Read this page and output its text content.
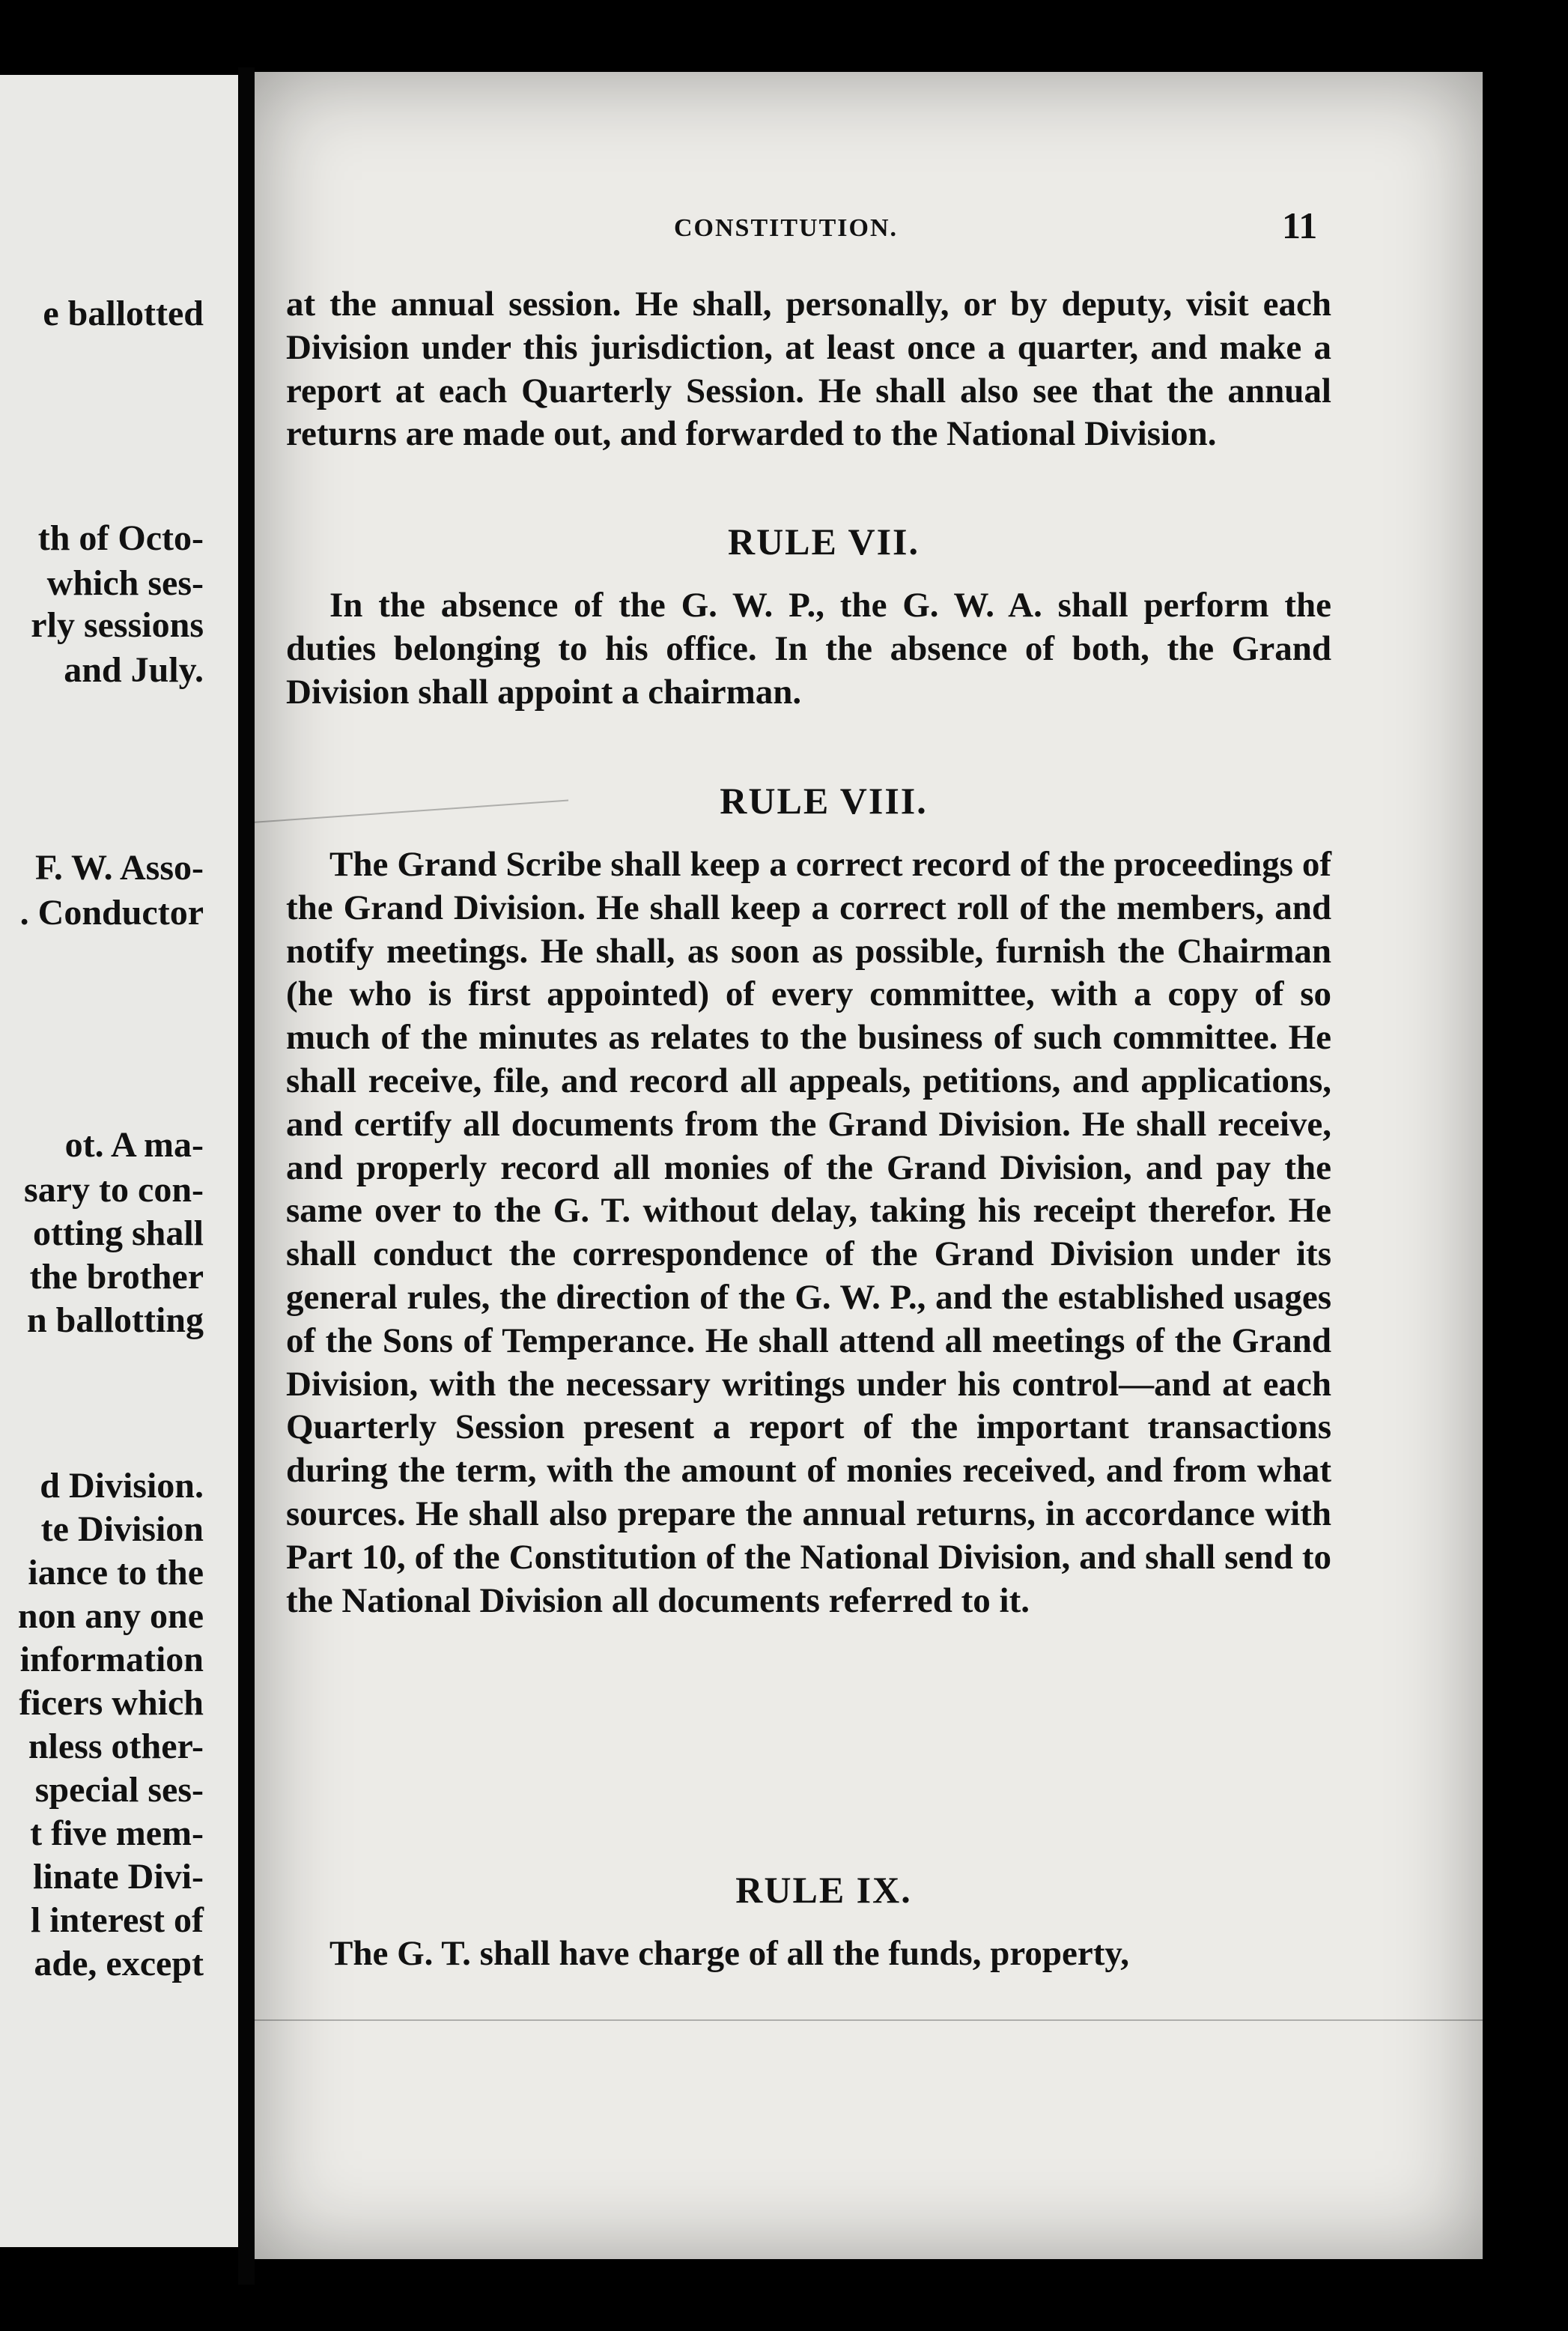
e ballotted
th of Octo-
which ses-
rly sessions
and July.
F. W. Asso-
. Conductor
ot. A ma-
sary to con-
otting shall
the brother
n ballotting
d Division.
te Division
iance to the
non any one
information
ficers which
nless other-
special ses-
t five mem-
linate Divi-
l interest of
ade, except
CONSTITUTION.	11

at the annual session. He shall, personally, or by deputy, visit each Division under this jurisdiction, at least once a quarter, and make a report at each Quarterly Session. He shall also see that the annual returns are made out, and forwarded to the National Division.

RULE VII.

In the absence of the G. W. P., the G. W. A. shall perform the duties belonging to his office. In the absence of both, the Grand Division shall appoint a chairman.

RULE VIII.

The Grand Scribe shall keep a correct record of the proceedings of the Grand Division. He shall keep a correct roll of the members, and notify meetings. He shall, as soon as possible, furnish the Chairman (he who is first appointed) of every committee, with a copy of so much of the minutes as relates to the business of such committee. He shall receive, file, and record all appeals, petitions, and applications, and certify all documents from the Grand Division. He shall receive, and properly record all monies of the Grand Division, and pay the same over to the G. T. without delay, taking his receipt therefor. He shall conduct the correspondence of the Grand Division under its general rules, the direction of the G. W. P., and the established usages of the Sons of Temperance. He shall attend all meetings of the Grand Division, with the necessary writings under his control—and at each Quarterly Session present a report of the important transactions during the term, with the amount of monies received, and from what sources. He shall also prepare the annual returns, in accordance with Part 10, of the Constitution of the National Division, and shall send to the National Division all documents referred to it.

RULE IX.

The G. T. shall have charge of all the funds, property,
